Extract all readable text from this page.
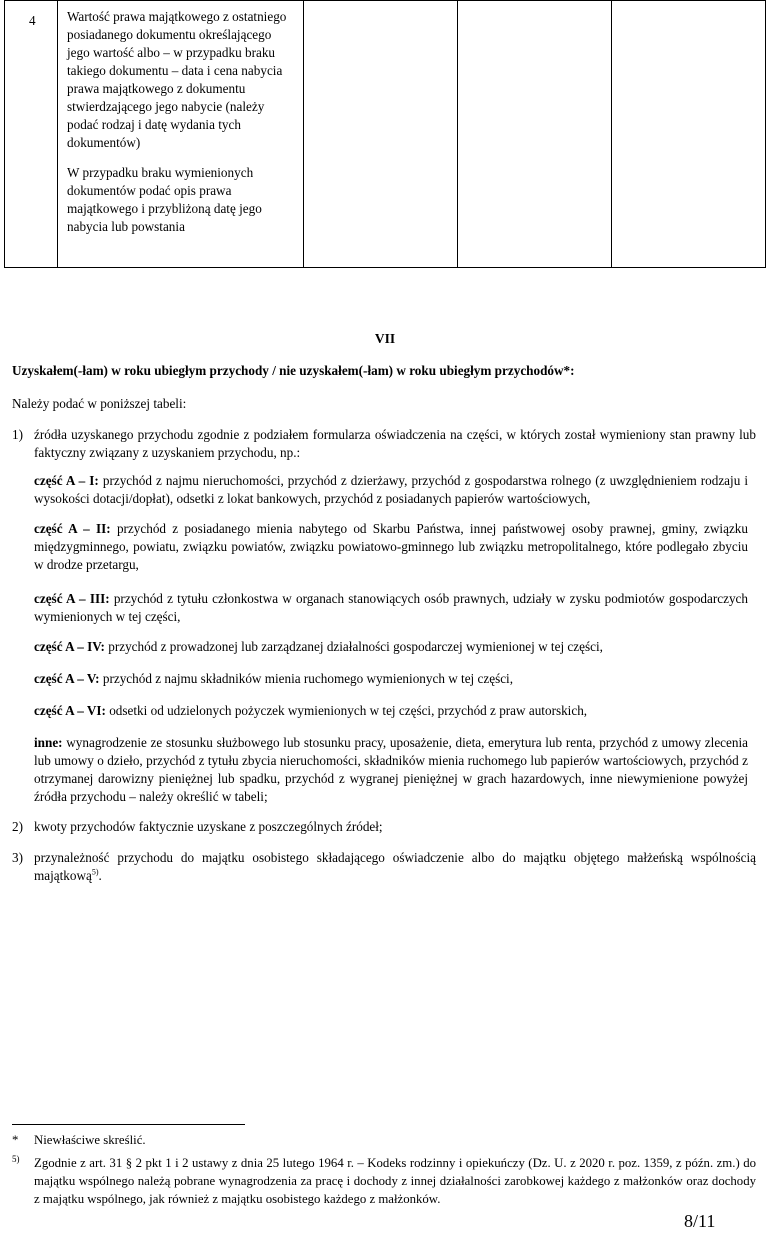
4	Wartość prawa majątkowego z ostatniego posiadanego dokumentu określającego jego wartość albo – w przypadku braku takiego dokumentu – data i cena nabycia prawa majątkowego z dokumentu stwierdzającego jego nabycie (należy podać rodzaj i datę wydania tych dokumentów)

W przypadku braku wymienionych dokumentów podać opis prawa majątkowego i przybliżoną datę jego nabycia lub powstania

VII
Uzyskałem(-łam) w roku ubiegłym przychody / nie uzyskałem(-łam) w roku ubiegłym przychodów*:
Należy podać w poniższej tabeli:
1) źródła uzyskanego przychodu zgodnie z podziałem formularza oświadczenia na części, w których został wymieniony stan prawny lub faktyczny związany z uzyskaniem przychodu, np.:
część A – I: przychód z najmu nieruchomości, przychód z dzierżawy, przychód z gospodarstwa rolnego (z uwzględnieniem rodzaju i wysokości dotacji/dopłat), odsetki z lokat bankowych, przychód z posiadanych papierów wartościowych,
część A – II: przychód z posiadanego mienia nabytego od Skarbu Państwa, innej państwowej osoby prawnej, gminy, związku międzygminnego, powiatu, związku powiatów, związku powiatowo-gminnego lub związku metropolitalnego, które podlegało zbyciu w drodze przetargu,
część A – III: przychód z tytułu członkostwa w organach stanowiących osób prawnych, udziały w zysku podmiotów gospodarczych wymienionych w tej części,
część A – IV: przychód z prowadzonej lub zarządzanej działalności gospodarczej wymienionej w tej części,
część A – V: przychód z najmu składników mienia ruchomego wymienionych w tej części,
część A – VI: odsetki od udzielonych pożyczek wymienionych w tej części, przychód z praw autorskich,
inne: wynagrodzenie ze stosunku służbowego lub stosunku pracy, uposażenie, dieta, emerytura lub renta, przychód z umowy zlecenia lub umowy o dzieło, przychód z tytułu zbycia nieruchomości, składników mienia ruchomego lub papierów wartościowych, przychód z otrzymanej darowizny pieniężnej lub spadku, przychód z wygranej pieniężnej w grach hazardowych, inne niewymienione powyżej źródła przychodu – należy określić w tabeli;
2) kwoty przychodów faktycznie uzyskane z poszczególnych źródeł;
3) przynależność przychodu do majątku osobistego składającego oświadczenie albo do majątku objętego małżeńską wspólnością majątkową$^{5)}$.
* Niewłaściwe skreślić.
5) Zgodnie z art. 31 § 2 pkt 1 i 2 ustawy z dnia 25 lutego 1964 r. – Kodeks rodzinny i opiekuńczy (Dz. U. z 2020 r. poz. 1359, z późn. zm.) do majątku wspólnego należą pobrane wynagrodzenia za pracę i dochody z innej działalności zarobkowej każdego z małżonków oraz dochody z majątku wspólnego, jak również z majątku osobistego każdego z małżonków.
8/11
